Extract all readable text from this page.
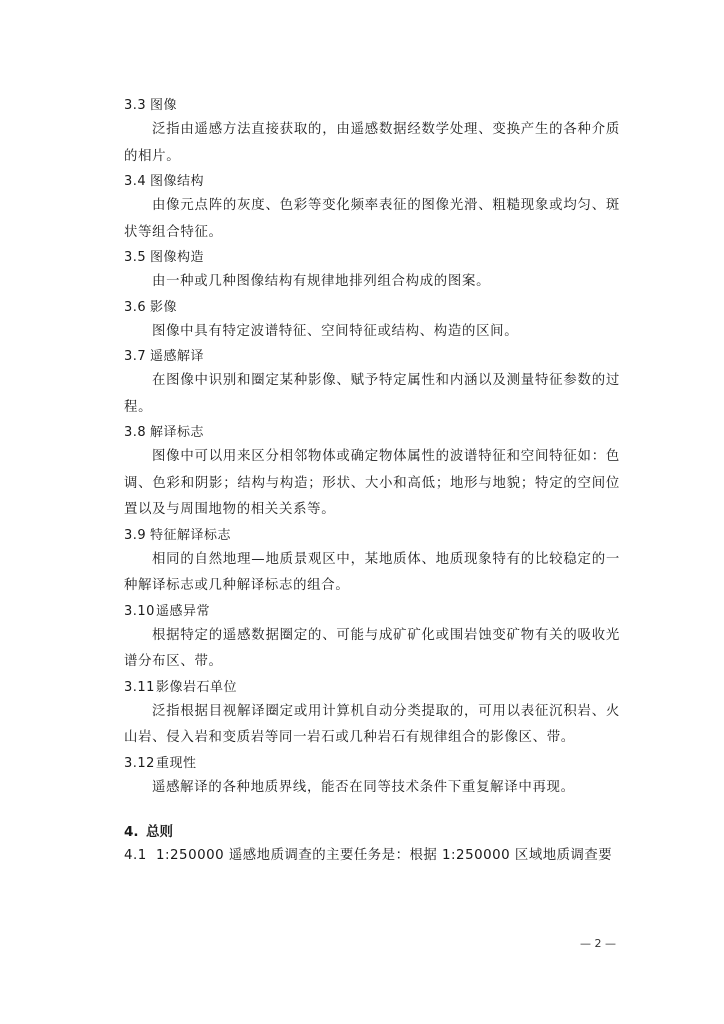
3.3 图像

泛指由遥感方法直接获取的，由遥感数据经数学处理、变换产生的各种介质的相片。

3.4 图像结构

由像元点阵的灰度、色彩等变化频率表征的图像光滑、粗糙现象或均匀、斑状等组合特征。

3.5 图像构造

由一种或几种图像结构有规律地排列组合构成的图案。

3.6 影像

图像中具有特定波谱特征、空间特征或结构、构造的区间。

3.7 遥感解译

在图像中识别和圈定某种影像、赋予特定属性和内涵以及测量特征参数的过程。

3.8 解译标志

图像中可以用来区分相邻物体或确定物体属性的波谱特征和空间特征如：色调、色彩和阴影；结构与构造；形状、大小和高低；地形与地貌；特定的空间位置以及与周围地物的相关关系等。

3.9 特征解译标志

相同的自然地理—地质景观区中，某地质体、地质现象特有的比较稳定的一种解译标志或几种解译标志的组合。

3.10遥感异常

根据特定的遥感数据圈定的、可能与成矿矿化或围岩蚀变矿物有关的吸收光谱分布区、带。

3.11影像岩石单位

泛指根据目视解译圈定或用计算机自动分类提取的，可用以表征沉积岩、火山岩、侵入岩和变质岩等同一岩石或几种岩石有规律组合的影像区、带。

3.12重现性

遥感解译的各种地质界线，能否在同等技术条件下重复解译中再现。

4. 总则

4.1 1:250000 遥感地质调查的主要任务是：根据 1:250000 区域地质调查要

— 2 —
